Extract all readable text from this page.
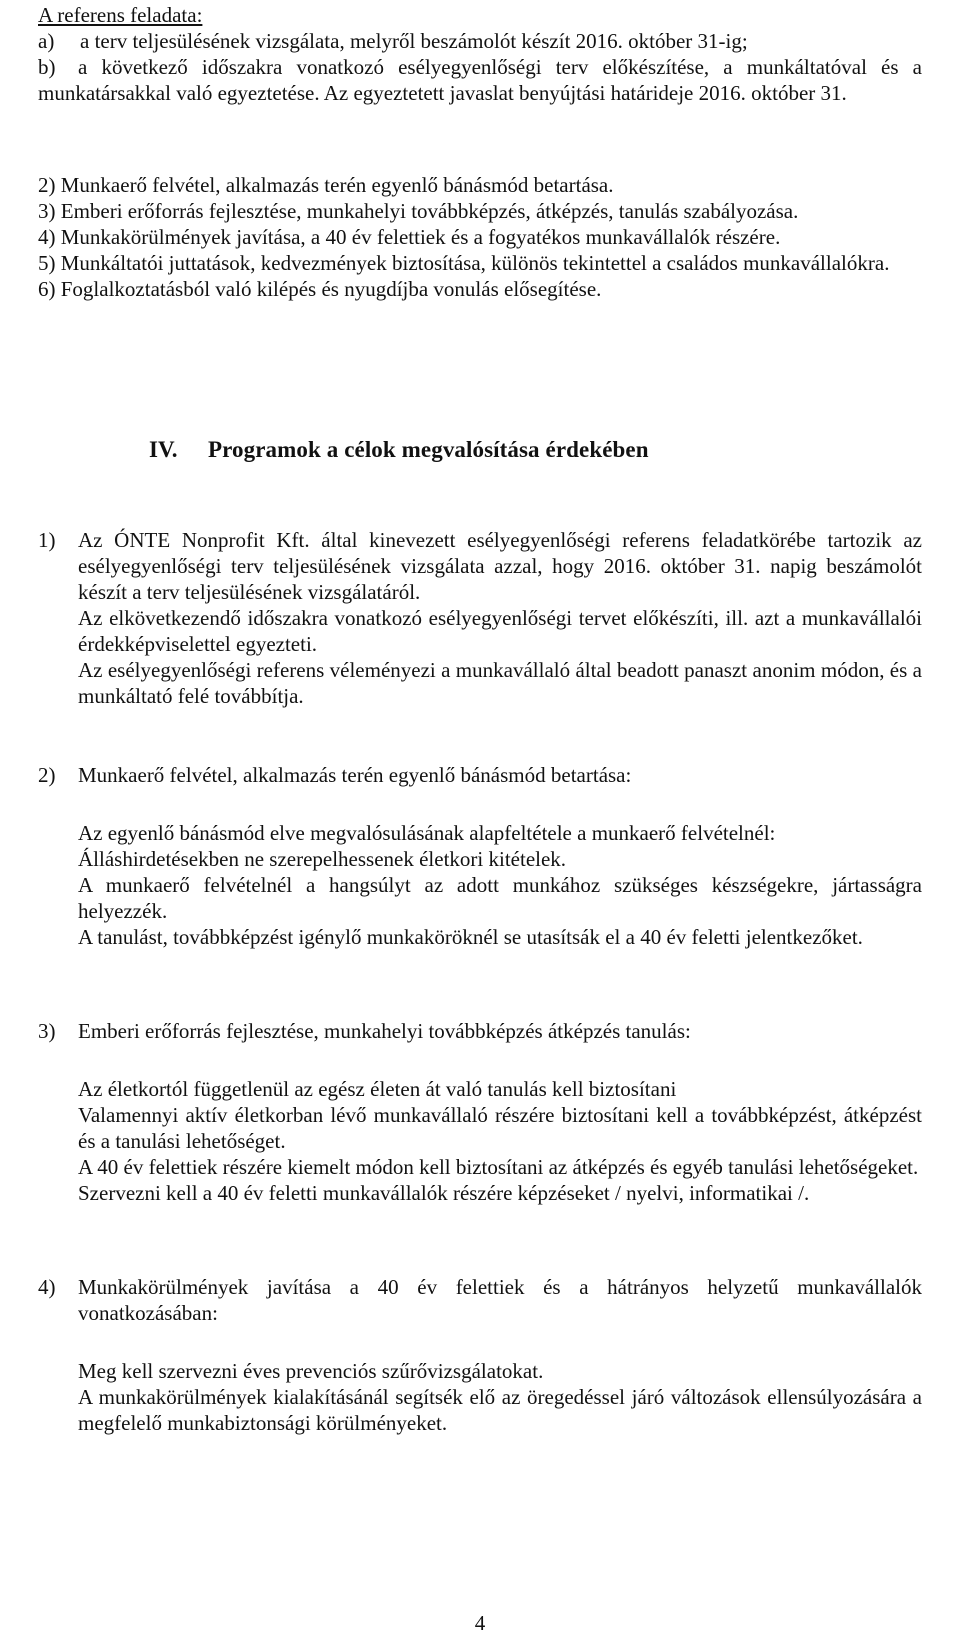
A referens feladata:

a)	a terv teljesülésének vizsgálata, melyről beszámolót készít 2016. október 31-ig;

b)	a következő időszakra vonatkozó esélyegyenlőségi terv előkészítése, a munkáltatóval és a munkatársakkal való egyeztetése. Az egyeztetett javaslat benyújtási határideje 2016. október 31.
2) Munkaerő felvétel, alkalmazás terén egyenlő bánásmód betartása.
3) Emberi erőforrás fejlesztése, munkahelyi továbbképzés, átképzés, tanulás szabályozása.
4) Munkakörülmények javítása, a 40 év felettiek és a fogyatékos munkavállalók részére.
5) Munkáltatói juttatások, kedvezmények biztosítása, különös tekintettel a családos munkavállalókra.
6) Foglalkoztatásból való kilépés és nyugdíjba vonulás elősegítése.
IV. Programok a célok megvalósítása érdekében
1)	Az ÓNTE Nonprofit Kft. által kinevezett esélyegyenlőségi referens feladatkörébe tartozik az esélyegyenlőségi terv teljesülésének vizsgálata azzal, hogy 2016. október 31. napig beszámolót készít a terv teljesülésének vizsgálatáról.

Az elkövetkezendő időszakra vonatkozó esélyegyenlőségi tervet előkészíti, ill. azt a munkavállalói érdekképviselettel egyezteti.

Az esélyegyenlőségi referens véleményezi a munkavállaló által beadott panaszt anonim módon, és a munkáltató felé továbbítja.

2)	Munkaerő felvétel, alkalmazás terén egyenlő bánásmód betartása:

Az egyenlő bánásmód elve megvalósulásának alapfeltétele a munkaerő felvételnél:

Álláshirdetésekben ne szerepelhessenek életkori kitételek.

A munkaerő felvételnél a hangsúlyt az adott munkához szükséges készségekre, jártasságra helyezzék.

A tanulást, továbbképzést igénylő munkaköröknél se utasítsák el a 40 év feletti jelentkezőket.

3)	Emberi erőforrás fejlesztése, munkahelyi továbbképzés átképzés tanulás:

Az életkortól függetlenül az egész életen át való tanulás kell biztosítani

Valamennyi aktív életkorban lévő munkavállaló részére biztosítani kell a továbbképzést, átképzést és a tanulási lehetőséget.

A 40 év felettiek részére kiemelt módon kell biztosítani az átképzés és egyéb tanulási lehetőségeket.

Szervezni kell a 40 év feletti munkavállalók részére képzéseket / nyelvi, informatikai /.

4)	Munkakörülmények javítása a 40 év felettiek és a hátrányos helyzetű munkavállalók vonatkozásában:

Meg kell szervezni éves prevenciós szűrővizsgálatokat.

A munkakörülmények kialakításánál segítsék elő az öregedéssel járó változások ellensúlyozására a megfelelő munkabiztonsági körülményeket.

4
